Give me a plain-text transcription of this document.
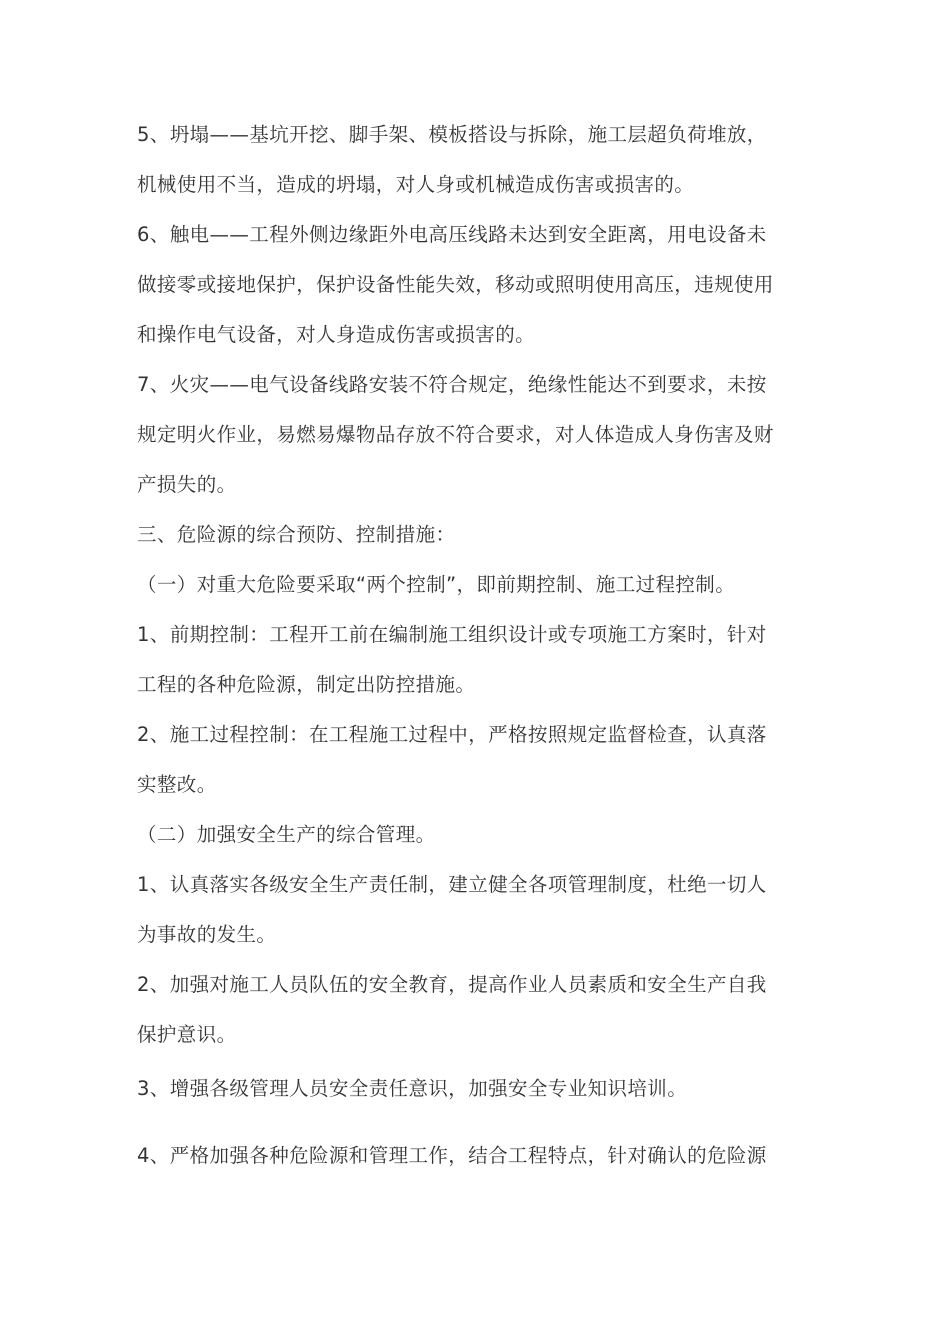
5、坍塌——基坑开挖、脚手架、模板搭设与拆除，施工层超负荷堆放，
机械使用不当，造成的坍塌，对人身或机械造成伤害或损害的。
6、触电——工程外侧边缘距外电高压线路未达到安全距离，用电设备未
做接零或接地保护，保护设备性能失效，移动或照明使用高压，违规使用
和操作电气设备，对人身造成伤害或损害的。
7、火灾——电气设备线路安装不符合规定，绝缘性能达不到要求，未按
规定明火作业，易燃易爆物品存放不符合要求，对人体造成人身伤害及财
产损失的。
三、危险源的综合预防、控制措施：
（一）对重大危险要采取“两个控制”，即前期控制、施工过程控制。
1、前期控制：工程开工前在编制施工组织设计或专项施工方案时，针对
工程的各种危险源，制定出防控措施。
2、施工过程控制：在工程施工过程中，严格按照规定监督检查，认真落
实整改。
（二）加强安全生产的综合管理。
1、认真落实各级安全生产责任制，建立健全各项管理制度，杜绝一切人
为事故的发生。
2、加强对施工人员队伍的安全教育，提高作业人员素质和安全生产自我
保护意识。
3、增强各级管理人员安全责任意识，加强安全专业知识培训。
4、严格加强各种危险源和管理工作，结合工程特点，针对确认的危险源
